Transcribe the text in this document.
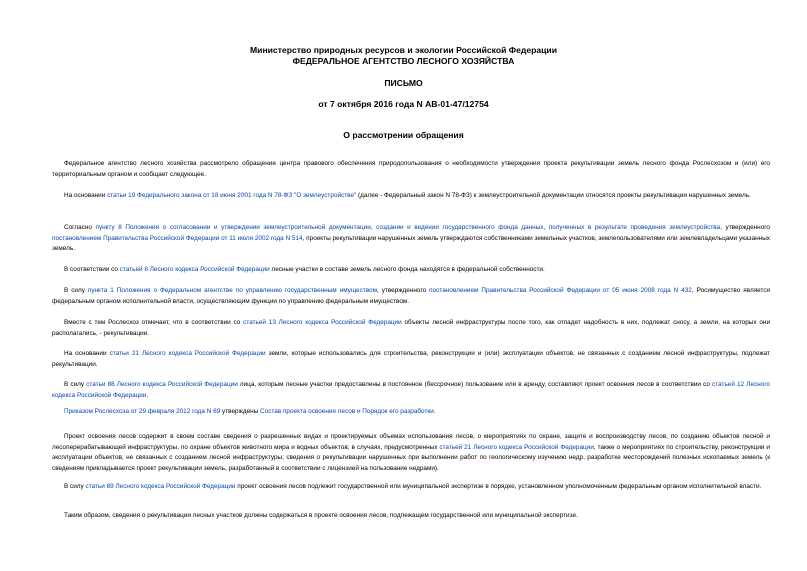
Министерство природных ресурсов и экологии Российской Федерации
ФЕДЕРАЛЬНОЕ АГЕНТСТВО ЛЕСНОГО ХОЗЯЙСТВА
ПИСЬМО
от 7 октября 2016 года N АВ-01-47/12754
О рассмотрении обращения
Федеральное агентство лесного хозяйства рассмотрело обращение центра правового обеспечения природопользования о необходимости утверждения проекта рекультивации земель лесного фонда Рослесхозом и (или) его территориальным органом и сообщает следующее.
На основании статьи 19 Федерального закона от 18 июня 2001 года N 78-ФЗ "О землеустройстве" (далее - Федеральный закон N 78-ФЗ) к землеустроительной документации относятся проекты рекультивации нарушенных земель.
Согласно пункту 8 Положения о согласовании и утверждении землеустроительной документации, создании и ведении государственного фонда данных, полученных в результате проведения землеустройства, утвержденного постановлением Правительства Российской Федерации от 11 июля 2002 года N 514, проекты рекультивации нарушенных земель утверждаются собственниками земельных участков, землепользователями или землевладельцами указанных земель.
В соответствии со статьей 8 Лесного кодекса Российской Федерации лесные участки в составе земель лесного фонда находятся в федеральной собственности.
В силу пункта 1 Положения о Федеральном агентстве по управлению государственным имуществом, утвержденного постановлением Правительства Российской Федерации от 05 июня 2008 года N 432, Росимущество является федеральным органом исполнительной власти, осуществляющим функции по управлению федеральным имуществом.
Вместе с тем Рослесхоз отмечает, что в соответствии со статьей 13 Лесного кодекса Российской Федерации объекты лесной инфраструктуры после того, как отпадет надобность в них, подлежат сносу, а земли, на которых они располагались, - рекультивации.
На основании статьи 21 Лесного кодекса Российской Федерации земли, которые использовались для строительства, реконструкции и (или) эксплуатации объектов, не связанных с созданием лесной инфраструктуры, подлежат рекультивации.
В силу статьи 88 Лесного кодекса Российской Федерации лица, которым лесные участки предоставлены в постоянное (бессрочное) пользование или в аренду, составляют проект освоения лесов в соответствии со статьей 12 Лесного кодекса Российской Федерации.
Приказом Рослесхоза от 29 февраля 2012 года N 69 утверждены Состав проекта освоения лесов и Порядок его разработки.
Проект освоения лесов содержит в своем составе сведения о разрешенных видах и проектируемых объемах использования лесов, о мероприятиях по охране, защите и воспроизводству лесов, по созданию объектов лесной и лесоперерабатывающей инфраструктуры, по охране объектов животного мира и водных объектов; в случаях, предусмотренных статьей 21 Лесного кодекса Российской Федерации, также о мероприятиях по строительству, реконструкции и эксплуатации объектов, не связанных с созданием лесной инфраструктуры; сведения о рекультивации нарушенных при выполнении работ по геологическому изучению недр, разработке месторождений полезных ископаемых земель (к сведениям прикладывается проект рекультивации земель, разработанный в соответствии с лицензией на пользование недрами).
В силу статьи 89 Лесного кодекса Российской Федерации проект освоения лесов подлежит государственной или муниципальной экспертизе в порядке, установленном уполномоченным федеральным органом исполнительной власти.
Таким образом, сведения о рекультивации лесных участков должны содержаться в проекте освоения лесов, подлежащем государственной или муниципальной экспертизе.
